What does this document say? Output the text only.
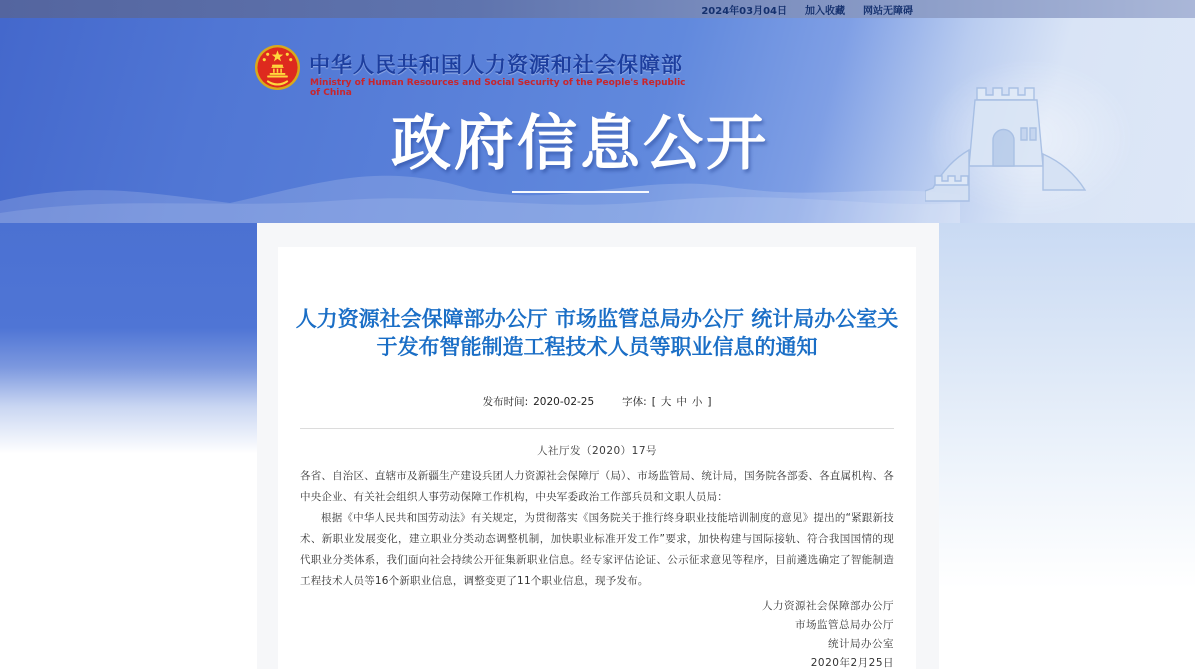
2024年03月04日 加入收藏 网站无障碍
中华人民共和国人力资源和社会保障部
Ministry of Human Resources and Social Security of the People's Republic of China
政府信息公开
人力资源社会保障部办公厅 市场监管总局办公厅 统计局办公室关于发布智能制造工程技术人员等职业信息的通知
发布时间: 2020-02-25	字体: [ 大 中 小 ]
人社厅发（2020）17号
各省、自治区、直辖市及新疆生产建设兵团人力资源社会保障厅（局）、市场监管局、统计局，国务院各部委、各直属机构、各中央企业、有关社会组织人事劳动保障工作机构，中央军委政治工作部兵员和文职人员局：
根据《中华人民共和国劳动法》有关规定，为贯彻落实《国务院关于推行终身职业技能培训制度的意见》提出的“紧跟新技术、新职业发展变化，建立职业分类动态调整机制，加快职业标准开发工作”要求，加快构建与国际接轨、符合我国国情的现代职业分类体系，我们面向社会持续公开征集新职业信息。经专家评估论证、公示征求意见等程序，目前遴选确定了智能制造工程技术人员等16个新职业信息，调整变更了11个职业信息，现予发布。
人力资源社会保障部办公厅
市场监管总局办公厅
统计局办公室
2020年2月25日
